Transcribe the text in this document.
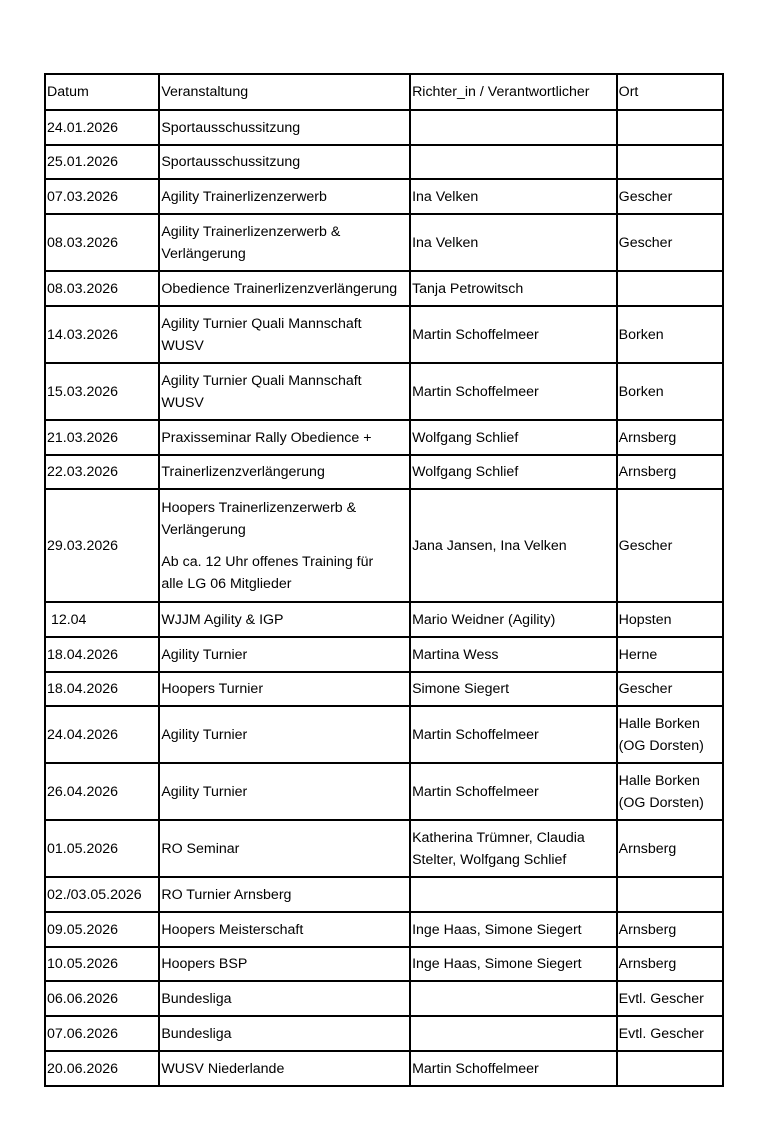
Datum	Veranstaltung	Richter_in / Verantwortlicher	Ort
24.01.2026	Sportausschussitzung		

25.01.2026	Sportausschussitzung		

07.03.2026	Agility Trainerlizenzerwerb	Ina Velken	Gescher

08.03.2026	Agility Trainerlizenzerwerb &
Verlängerung	Ina Velken	Gescher

08.03.2026	Obedience Trainerlizenzverlängerung	Tanja Petrowitsch	

14.03.2026	Agility Turnier Quali Mannschaft
WUSV	Martin Schoffelmeer	Borken

15.03.2026	Agility Turnier Quali Mannschaft
WUSV	Martin Schoffelmeer	Borken

21.03.2026	Praxisseminar Rally Obedience +	Wolfgang Schlief	Arnsberg

22.03.2026	Trainerlizenzverlängerung	Wolfgang Schlief	Arnsberg

29.03.2026	Hoopers Trainerlizenzerwerb &
Verlängerung
Ab ca. 12 Uhr offenes Training für
alle LG 06 Mitglieder	Jana Jansen, Ina Velken	Gescher

12.04	WJJM Agility & IGP	Mario Weidner (Agility)	Hopsten

18.04.2026	Agility Turnier	Martina Wess	Herne

18.04.2026	Hoopers Turnier	Simone Siegert	Gescher

24.04.2026	Agility Turnier	Martin Schoffelmeer	Halle Borken
(OG Dorsten)

26.04.2026	Agility Turnier	Martin Schoffelmeer	Halle Borken
(OG Dorsten)

01.05.2026	RO Seminar	Katherina Trümner, Claudia
Stelter, Wolfgang Schlief	Arnsberg

02./03.05.2026	RO Turnier Arnsberg		

09.05.2026	Hoopers Meisterschaft	Inge Haas, Simone Siegert	Arnsberg

10.05.2026	Hoopers BSP	Inge Haas, Simone Siegert	Arnsberg

06.06.2026	Bundesliga		Evtl. Gescher

07.06.2026	Bundesliga		Evtl. Gescher

20.06.2026	WUSV Niederlande	Martin Schoffelmeer	
